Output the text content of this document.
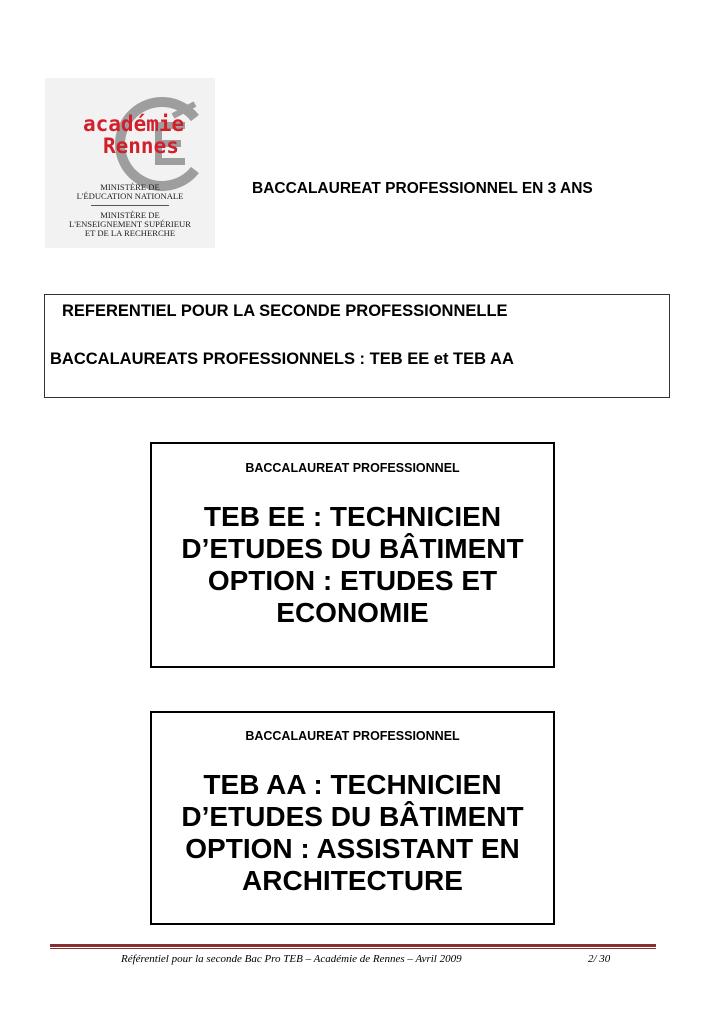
académie
Rennes
MINISTÈRE DE
L'ÉDUCATION NATIONALE
MINISTÈRE DE
L'ENSEIGNEMENT SUPÉRIEUR
ET DE LA RECHERCHE
BACCALAUREAT PROFESSIONNEL EN 3 ANS
REFERENTIEL POUR LA SECONDE PROFESSIONNELLE
BACCALAUREATS PROFESSIONNELS : TEB EE et TEB AA
BACCALAUREAT PROFESSIONNEL
TEB EE : TECHNICIEN
D’ETUDES DU BÂTIMENT
OPTION : ETUDES ET
ECONOMIE
BACCALAUREAT PROFESSIONNEL
TEB AA : TECHNICIEN
D’ETUDES DU BÂTIMENT
OPTION : ASSISTANT EN
ARCHITECTURE
Référentiel pour la seconde Bac Pro TEB – Académie de Rennes – Avril 2009	2/ 30
